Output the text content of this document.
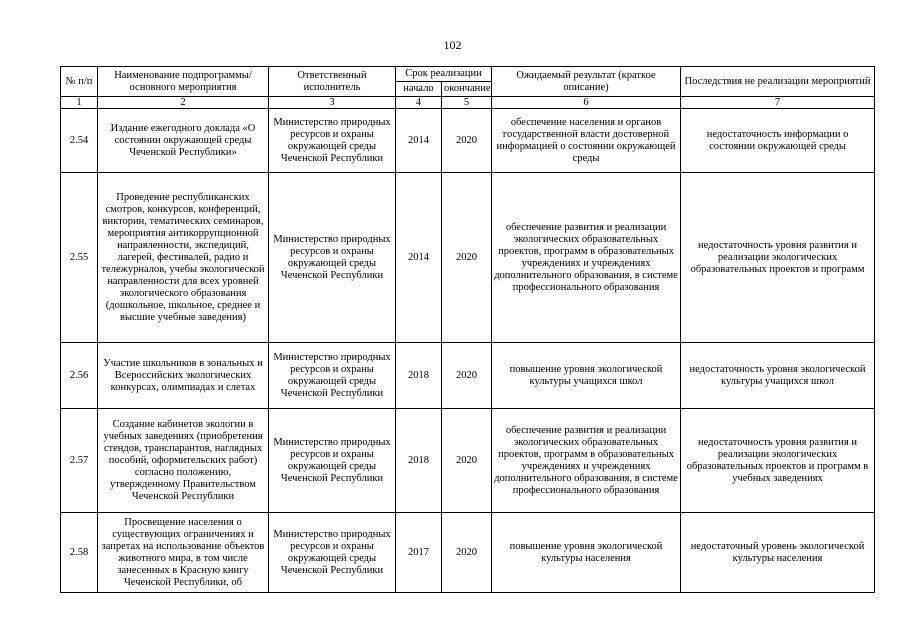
102
№ п/п	Наименование подпрограммы/ основного мероприятия	Ответственный исполнитель	Срок реализации		Ожидаемый результат (краткое описание)	Последствия не реализации мероприятий
			начало	окончание		
1	2	3	4	5	6	7
2.54	Издание ежегодного доклада «О состоянии окружающей среды Чеченской Республики»	Министерство природных ресурсов и охраны окружающей среды Чеченской Республики	2014	2020	обеспечение населения и органов государственной власти достоверной информацией о состоянии окружающей среды	недостаточность информации о состоянии окружающей среды
2.55	Проведение республиканских смотров, конкурсов, конференций, викторин, тематических семинаров, мероприятия антикоррупционной направленности, экспедиций, лагерей, фестивалей, радио и тележурналов, учебы экологической направленности для всех уровней экологического образования (дошкольное, школьное, среднее и высшие учебные заведения)	Министерство природных ресурсов и охраны окружающей среды Чеченской Республики	2014	2020	обеспечение развития и реализации экологических образовательных проектов, программ в образовательных учреждениях и учреждениях дополнительного образования, в системе профессионального образования	недостаточность уровня развития и реализации экологических образовательных проектов и программ
2.56	Участие школьников в зональных и Всероссийских экологических конкурсах, олимпиадах и слетах	Министерство природных ресурсов и охраны окружающей среды Чеченской Республики	2018	2020	повышение уровня экологической культуры учащихся школ	недостаточность уровня экологической культуры учащихся школ
2.57	Создание кабинетов экологии в учебных заведениях (приобретения стендов, транспарантов, наглядных пособий, оформительских работ) согласно положению, утвержденному Правительством Чеченской Республики	Министерство природных ресурсов и охраны окружающей среды Чеченской Республики	2018	2020	обеспечение развития и реализации экологических образовательных проектов, программ в образовательных учреждениях и учреждениях дополнительного образования, в системе профессионального образования	недостаточность уровня развития и реализации экологических образовательных проектов и программ в учебных заведениях
2.58	Просвещение населения о существующих ограничениях и запретах на использование объектов животного мира, в том числе занесенных в Красную книгу Чеченской Республики, об	Министерство природных ресурсов и охраны окружающей среды Чеченской Республики	2017	2020	повышение уровня экологической культуры населения	недостаточный уровень экологической культуры населения
